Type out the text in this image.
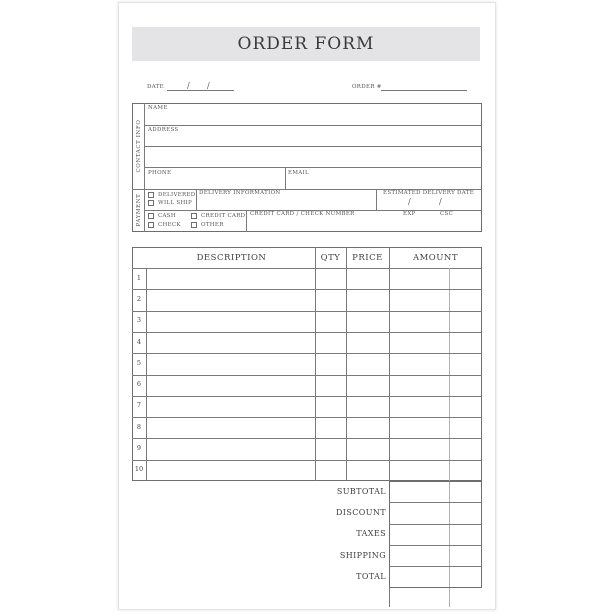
ORDER FORM
DATE	/ /	ORDER #
CONTACT INFO
PAYMENT
NAME
ADDRESS
PHONE	EMAIL
DELIVERED
WILL SHIP
DELIVERY INFORMATION	ESTIMATED DELIVERY DATE
/	/
CASH
CHECK
CREDIT CARD
OTHER
CREDIT CARD / CHECK NUMBER	EXP	CSC
DESCRIPTION	QTY	PRICE	AMOUNT
1
2
3
4
5
6
7
8
9
10
SUBTOTAL
DISCOUNT
TAXES
SHIPPING
TOTAL
